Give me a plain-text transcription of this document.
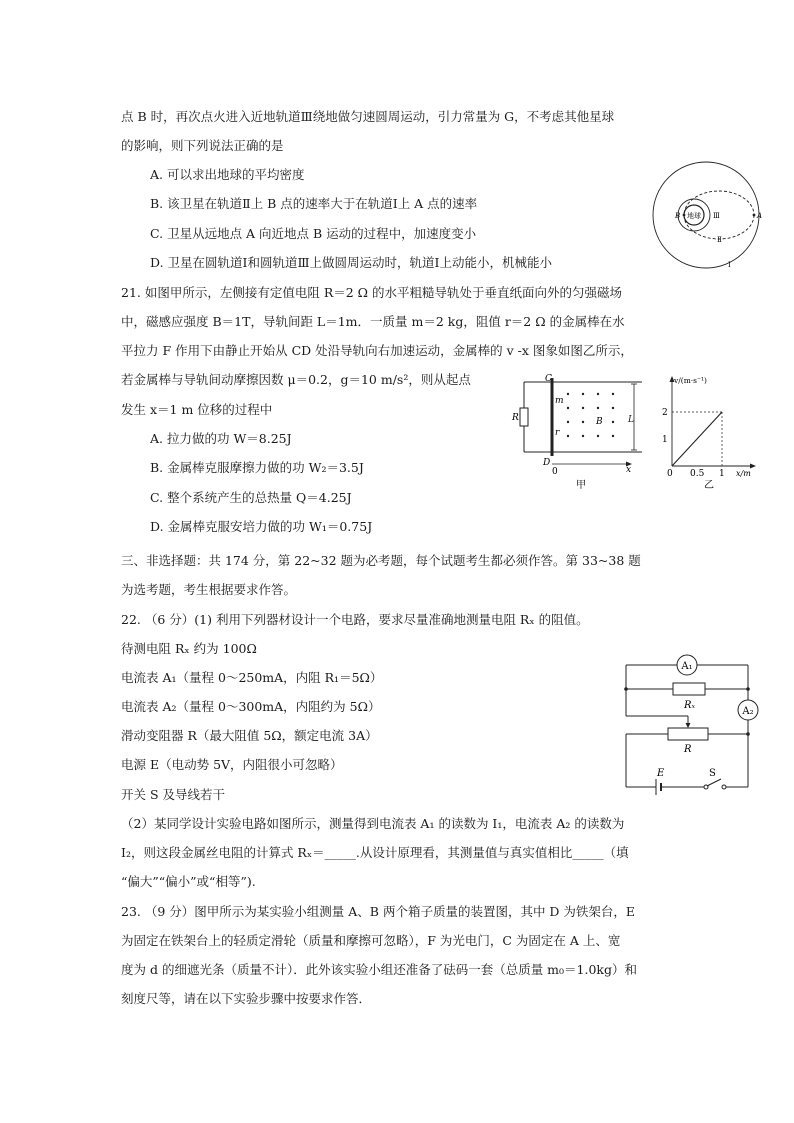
点 B 时，再次点火进入近地轨道Ⅲ绕地做匀速圆周运动，引力常量为 G，不考虑其他星球
的影响，则下列说法正确的是
A. 可以求出地球的平均密度
B. 该卫星在轨道Ⅱ上 B 点的速率大于在轨道Ⅰ上 A 点的速率
C. 卫星从远地点 A 向近地点 B 运动的过程中，加速度变小
D. 卫星在圆轨道Ⅰ和圆轨道Ⅲ上做圆周运动时，轨道Ⅰ上动能小，机械能小
地球
B	A
Ⅲ
Ⅱ
Ⅰ
21. 如图甲所示，左侧接有定值电阻 R＝2 Ω 的水平粗糙导轨处于垂直纸面向外的匀强磁场
中，磁感应强度 B＝1T，导轨间距 L＝1m．一质量 m＝2 kg，阻值 r＝2 Ω 的金属棒在水
平拉力 F 作用下由静止开始从 CD 处沿导轨向右加速运动，金属棒的 v -x 图象如图乙所示，
若金属棒与导轨间动摩擦因数 μ＝0.2，g＝10 m/s²，则从起点
发生 x＝1 m 位移的过程中
A. 拉力做的功 W＝8.25J
B. 金属棒克服摩擦力做的功 W₂＝3.5J
C. 整个系统产生的总热量 Q＝4.25J
D. 金属棒克服安培力做的功 W₁＝0.75J
R
C
D
m
r
B	L
0	x
甲
v/(m·s⁻¹)
2
1
0 0.5 1 x/m
乙
三、非选择题：共 174 分，第 22~32 题为必考题，每个试题考生都必须作答。第 33~38 题
为选考题，考生根据要求作答。
22. （6 分）(1) 利用下列器材设计一个电路，要求尽量准确地测量电阻 Rₓ 的阻值。
待测电阻 Rₓ 约为 100Ω
电流表 A₁（量程 0～250mA，内阻 R₁＝5Ω）
电流表 A₂（量程 0～300mA，内阻约为 5Ω）
滑动变阻器 R（最大阻值 5Ω，额定电流 3A）
电源 E（电动势 5V，内阻很小可忽略）
开关 S 及导线若干
（2）某同学设计实验电路如图所示，测量得到电流表 A₁ 的读数为 I₁，电流表 A₂ 的读数为
I₂，则这段金属丝电阻的计算式 Rₓ＝_____.从设计原理看，其测量值与真实值相比_____（填
“偏大”“偏小”或“相等”).
A₁
Rₓ
A₂
R
E	S
23. （9 分）图甲所示为某实验小组测量 A、B 两个箱子质量的装置图，其中 D 为铁架台，E
为固定在铁架台上的轻质定滑轮（质量和摩擦可忽略），F 为光电门，C 为固定在 A 上、宽
度为 d 的细遮光条（质量不计）．此外该实验小组还准备了砝码一套（总质量 m₀＝1.0kg）和
刻度尺等，请在以下实验步骤中按要求作答．
